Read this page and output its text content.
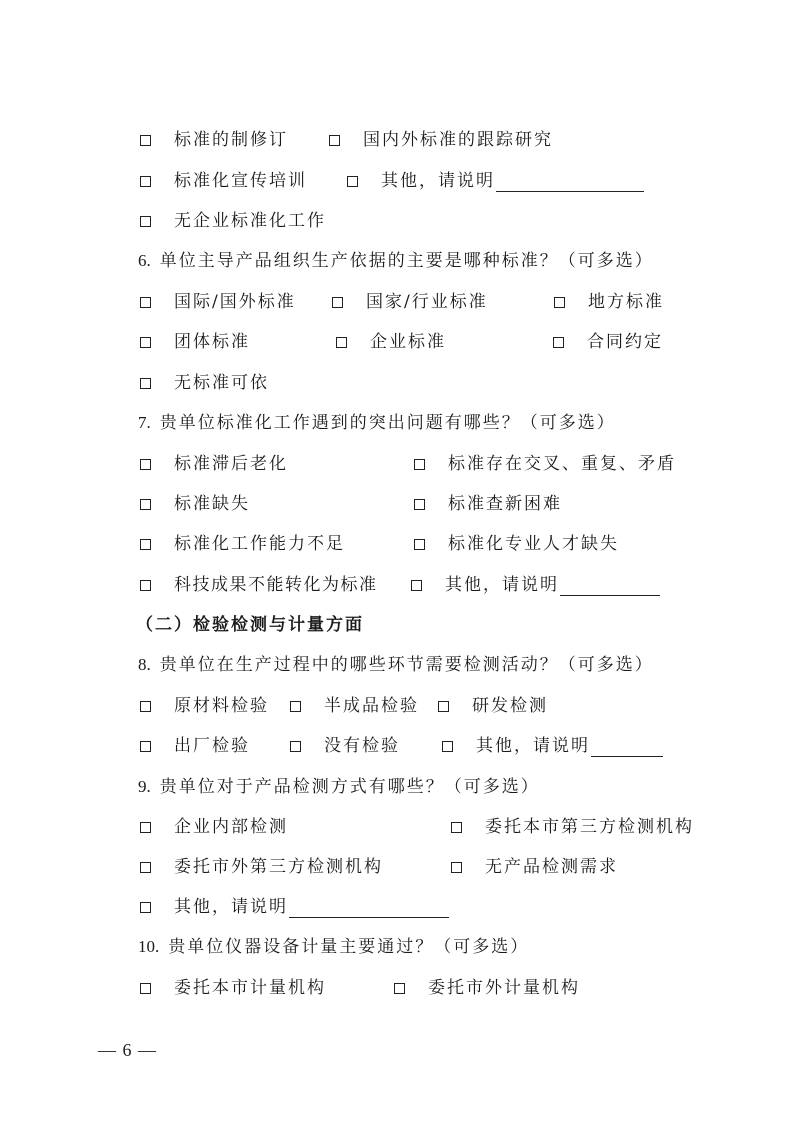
标准的制修订	国内外标准的跟踪研究
标准化宣传培训	其他，请说明
无企业标准化工作
6. 单位主导产品组织生产依据的主要是哪种标准？（可多选）
国际/国外标准	国家/行业标准	地方标准
团体标准	企业标准	合同约定
无标准可依
7. 贵单位标准化工作遇到的突出问题有哪些？（可多选）
标准滞后老化	标准存在交叉、重复、矛盾
标准缺失	标准查新困难
标准化工作能力不足	标准化专业人才缺失
科技成果不能转化为标准	其他，请说明
（二）检验检测与计量方面
8. 贵单位在生产过程中的哪些环节需要检测活动？（可多选）
原材料检验	半成品检验	研发检测
出厂检验	没有检验	其他，请说明
9. 贵单位对于产品检测方式有哪些？（可多选）
企业内部检测	委托本市第三方检测机构
委托市外第三方检测机构	无产品检测需求
其他，请说明
10. 贵单位仪器设备计量主要通过？（可多选）
委托本市计量机构	委托市外计量机构
— 6 —
